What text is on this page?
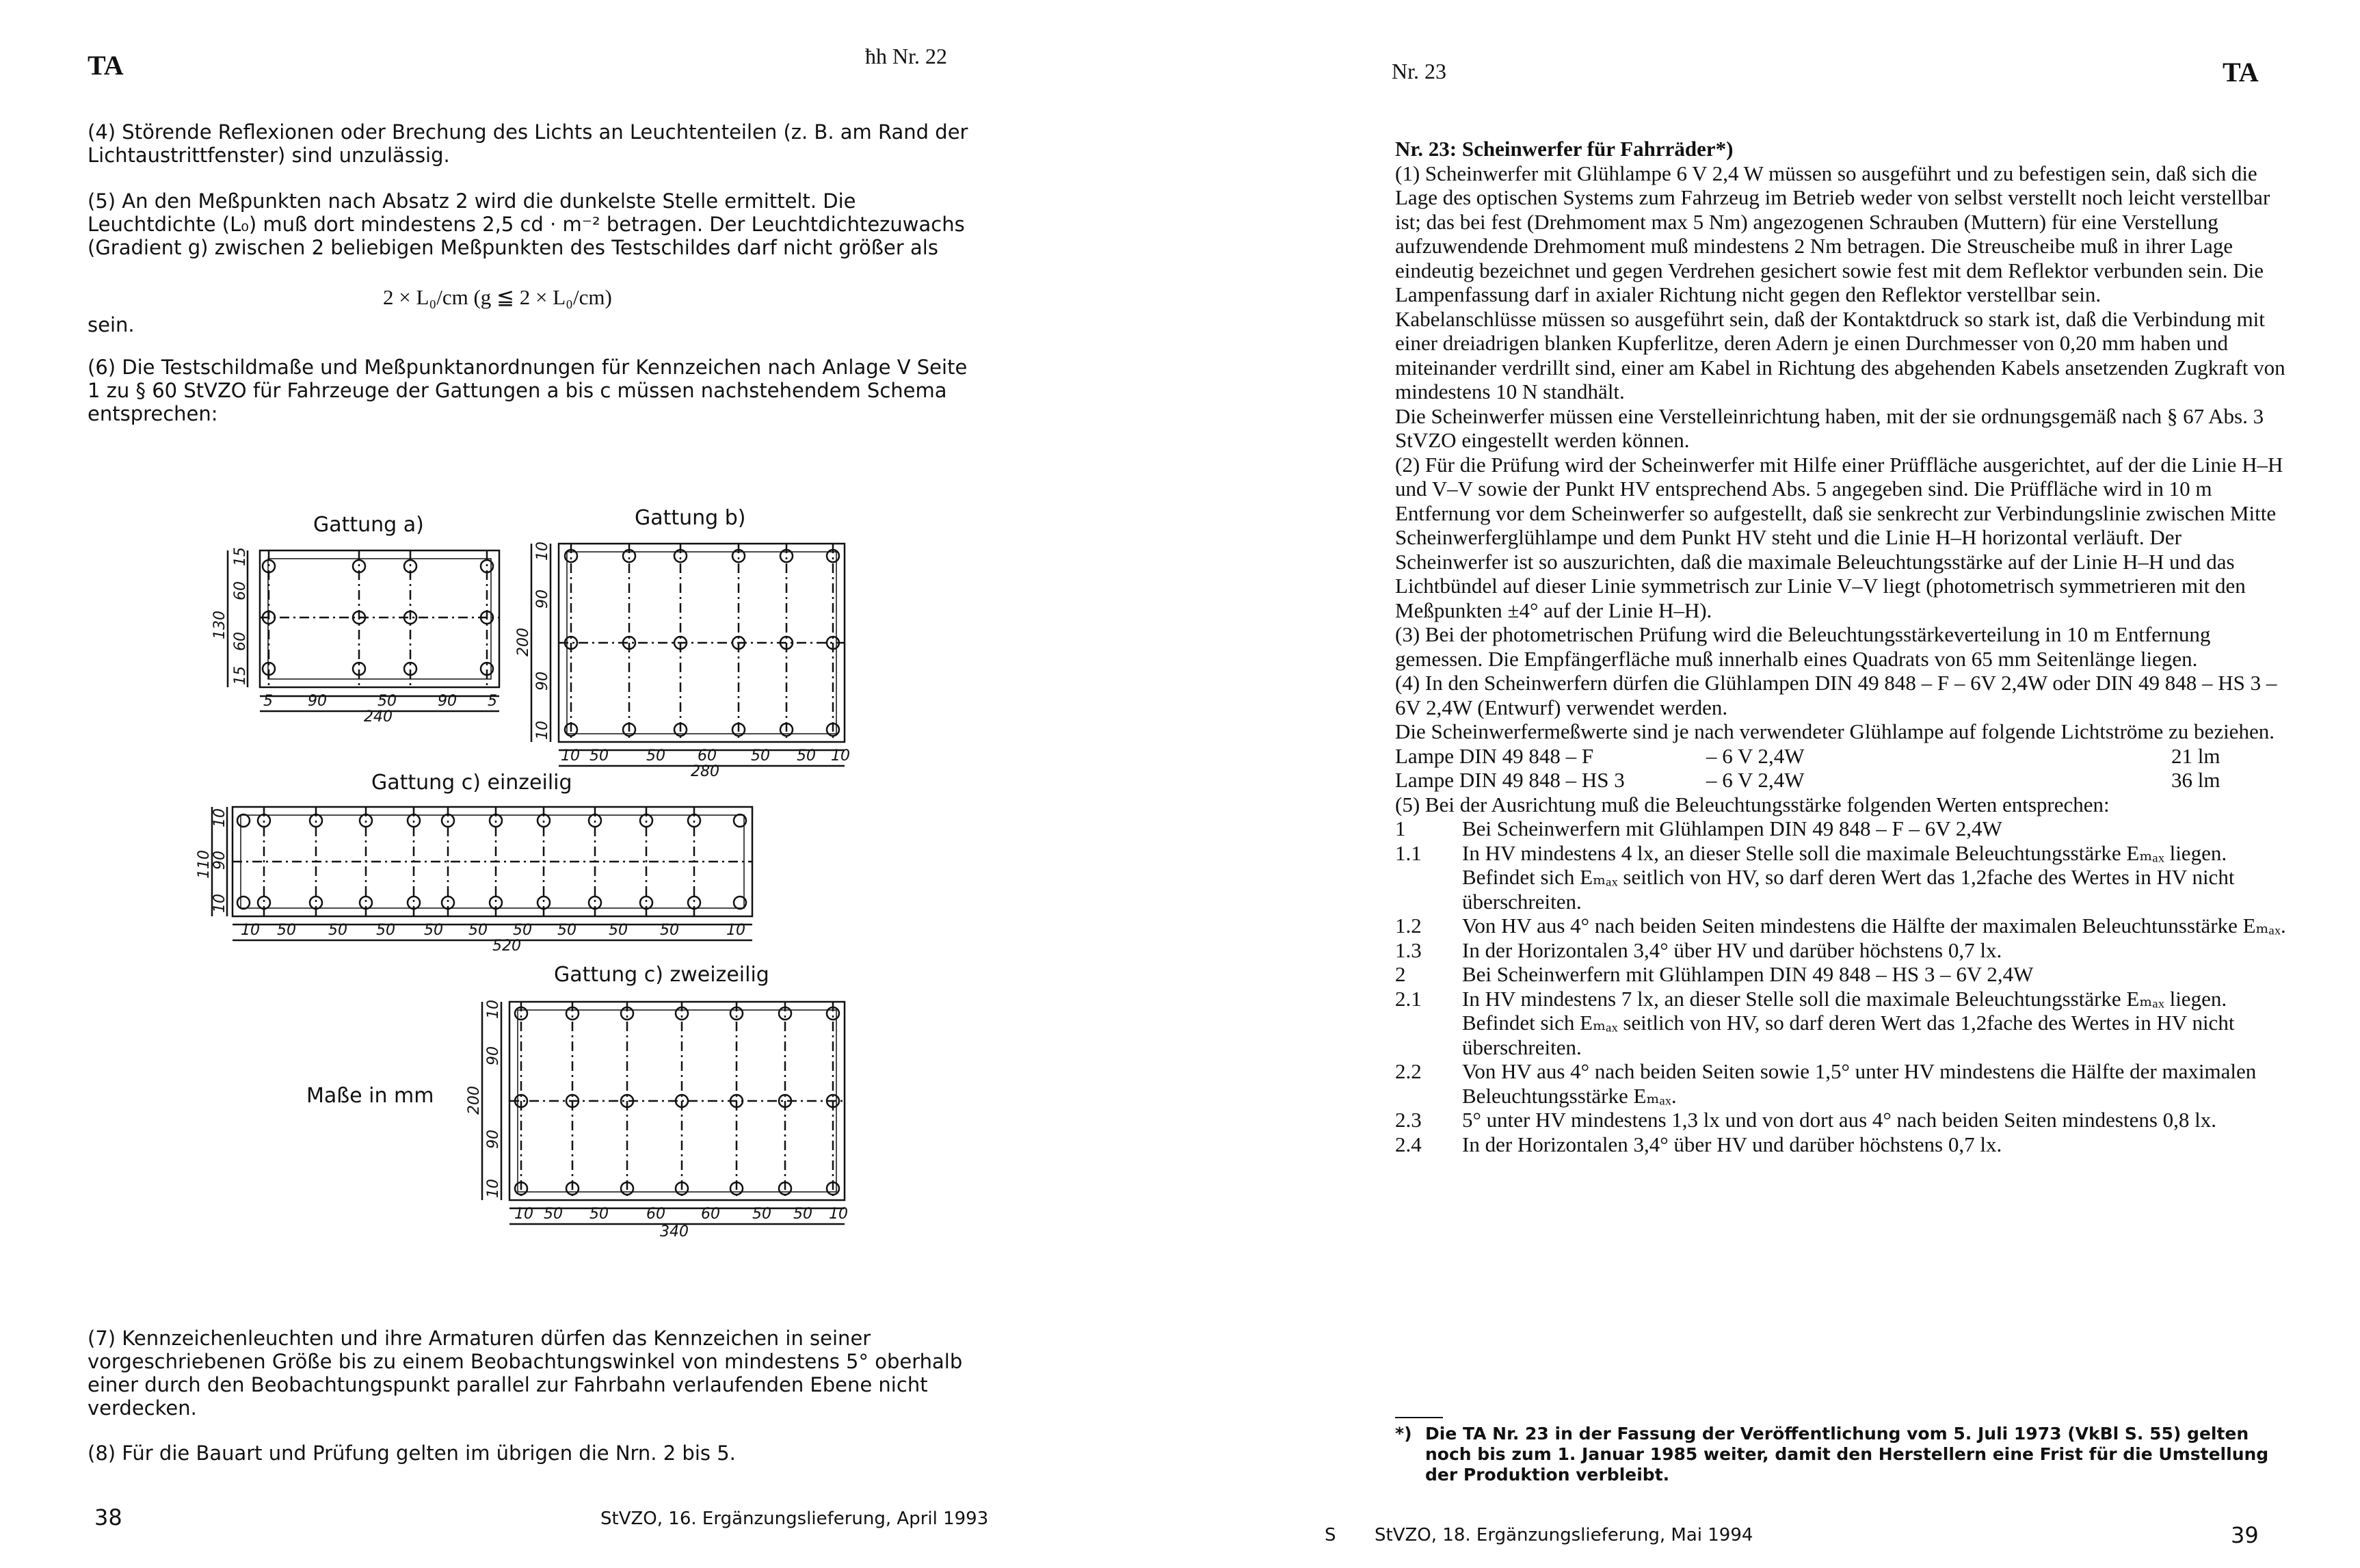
TA	ћh Nr. 22
(4) Störende Reflexionen oder Brechung des Lichts an Leuchtenteilen (z. B. am Rand der Lichtaustrittfenster) sind unzulässig.
(5) An den Meßpunkten nach Absatz 2 wird die dunkelste Stelle ermittelt. Die Leuchtdichte (L₀) muß dort mindestens 2,5 cd · m⁻² betragen. Der Leuchtdichtezuwachs (Gradient g) zwischen 2 beliebigen Meßpunkten des Testschildes darf nicht größer als
2 × L₀/cm (g ≦ 2 × L₀/cm)
sein.
(6) Die Testschildmaße und Meßpunktanordnungen für Kennzeichen nach Anlage V Seite 1 zu § 60 StVZO für Fahrzeuge der Gattungen a bis c müssen nachstehendem Schema entsprechen:
Gattung a)	Gattung b)
Gattung c) einzeilig
Gattung c) zweizeilig
Maße in mm
5 90	50	90 5
240
15
60
60
15
130
10 50	50 60 50 50 10
280
10
90
90
10
200
10 50 50 50 50 50 50 50 50 50	10
520
10
90
10
110
10 50 50	60 60 50 50 10
340
10
90
90
10
200
(7) Kennzeichenleuchten und ihre Armaturen dürfen das Kennzeichen in seiner vorgeschriebenen Größe bis zu einem Beobachtungswinkel von mindestens 5° oberhalb einer durch den Beobachtungspunkt parallel zur Fahrbahn verlaufenden Ebene nicht verdecken.
(8) Für die Bauart und Prüfung gelten im übrigen die Nrn. 2 bis 5.
38	StVZO, 16. Ergänzungslieferung, April 1993
Nr. 23	TA

Nr. 23: Scheinwerfer für Fahrräder*)

(1) Scheinwerfer mit Glühlampe 6 V 2,4 W müssen so ausgeführt und zu befestigen sein, daß sich die Lage des optischen Systems zum Fahrzeug im Betrieb weder von selbst verstellt noch leicht verstellbar ist; das bei fest (Drehmoment max 5 Nm) angezogenen Schrauben (Muttern) für eine Verstellung aufzuwendende Drehmoment muß mindestens 2 Nm betragen. Die Streuscheibe muß in ihrer Lage eindeutig bezeichnet und gegen Verdrehen gesichert sowie fest mit dem Reflektor verbunden sein. Die Lampenfassung darf in axialer Richtung nicht gegen den Reflektor verstellbar sein.

Kabelanschlüsse müssen so ausgeführt sein, daß der Kontaktdruck so stark ist, daß die Verbindung mit einer dreiadrigen blanken Kupferlitze, deren Adern je einen Durchmesser von 0,20 mm haben und miteinander verdrillt sind, einer am Kabel in Richtung des abgehenden Kabels ansetzenden Zugkraft von mindestens 10 N standhält.

Die Scheinwerfer müssen eine Verstelleinrichtung haben, mit der sie ordnungsgemäß nach § 67 Abs. 3 StVZO eingestellt werden können.

(2) Für die Prüfung wird der Scheinwerfer mit Hilfe einer Prüffläche ausgerichtet, auf der die Linie H–H und V–V sowie der Punkt HV entsprechend Abs. 5 angegeben sind. Die Prüffläche wird in 10 m Entfernung vor dem Scheinwerfer so aufgestellt, daß sie senkrecht zur Verbindungslinie zwischen Mitte Scheinwerferglühlampe und dem Punkt HV steht und die Linie H–H horizontal verläuft. Der Scheinwerfer ist so auszurichten, daß die maximale Beleuchtungsstärke auf der Linie H–H und das Lichtbündel auf dieser Linie symmetrisch zur Linie V–V liegt (photometrisch symmetrieren mit den Meßpunkten ±4° auf der Linie H–H).

(3) Bei der photometrischen Prüfung wird die Beleuchtungsstärkeverteilung in 10 m Entfernung gemessen. Die Empfängerfläche muß innerhalb eines Quadrats von 65 mm Seitenlänge liegen.

(4) In den Scheinwerfern dürfen die Glühlampen DIN 49 848 – F – 6V 2,4W oder DIN 49 848 – HS 3 – 6V 2,4W (Entwurf) verwendet werden.

Die Scheinwerfermeßwerte sind je nach verwendeter Glühlampe auf folgende Lichtströme zu beziehen.

Lampe DIN 49 848 – F	– 6 V 2,4W	21 lm
Lampe DIN 49 848 – HS 3	– 6 V 2,4W	36 lm

(5) Bei der Ausrichtung muß die Beleuchtungsstärke folgenden Werten entsprechen:

1	Bei Scheinwerfern mit Glühlampen DIN 49 848 – F – 6V 2,4W
1.1	In HV mindestens 4 lx, an dieser Stelle soll die maximale Beleuchtungsstärke Eₘₐₓ liegen. Befindet sich Eₘₐₓ seitlich von HV, so darf deren Wert das 1,2fache des Wertes in HV nicht überschreiten.
1.2	Von HV aus 4° nach beiden Seiten mindestens die Hälfte der maximalen Beleuchtunsstärke Eₘₐₓ.
1.3	In der Horizontalen 3,4° über HV und darüber höchstens 0,7 lx.
2	Bei Scheinwerfern mit Glühlampen DIN 49 848 – HS 3 – 6V 2,4W
2.1	In HV mindestens 7 lx, an dieser Stelle soll die maximale Beleuchtungsstärke Eₘₐₓ liegen. Befindet sich Eₘₐₓ seitlich von HV, so darf deren Wert das 1,2fache des Wertes in HV nicht überschreiten.
2.2	Von HV aus 4° nach beiden Seiten sowie 1,5° unter HV mindestens die Hälfte der maximalen Beleuchtungsstärke Eₘₐₓ.
2.3	5° unter HV mindestens 1,3 lx und von dort aus 4° nach beiden Seiten mindestens 0,8 lx.
2.4	In der Horizontalen 3,4° über HV und darüber höchstens 0,7 lx.
*) Die TA Nr. 23 in der Fassung der Veröffentlichung vom 5. Juli 1973 (VkBl S. 55) gelten noch bis zum 1. Januar 1985 weiter, damit den Herstellern eine Frist für die Umstellung der Produktion verbleibt.
S StVZO, 18. Ergänzungslieferung, Mai 1994	39
